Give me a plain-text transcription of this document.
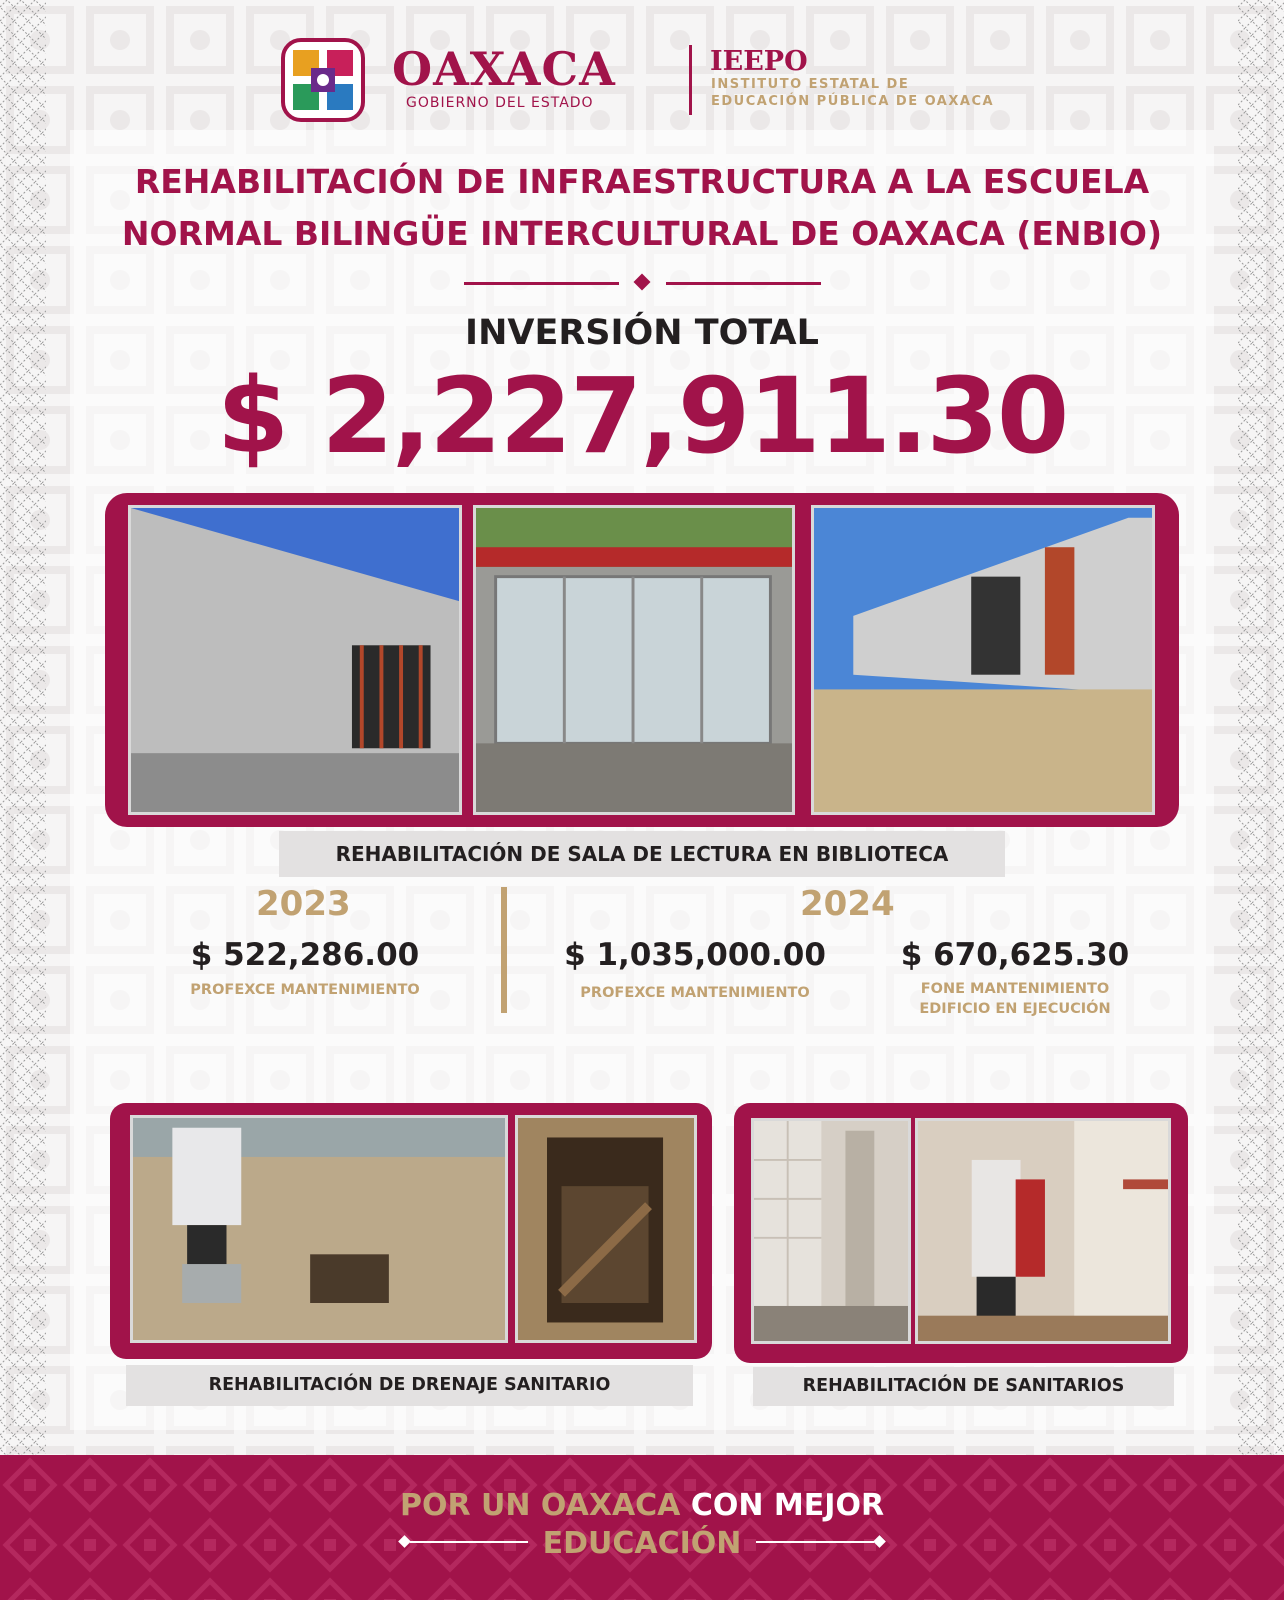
OAXACA
GOBIERNO DEL ESTADO
IEEPO
INSTITUTO ESTATAL DE
EDUCACIÓN PÚBLICA DE OAXACA
REHABILITACIÓN DE INFRAESTRUCTURA A LA ESCUELA
NORMAL BILINGÜE INTERCULTURAL DE OAXACA (ENBIO)
INVERSIÓN TOTAL
$ 2,227,911.30
REHABILITACIÓN DE SALA DE LECTURA EN BIBLIOTECA
2023	2024
$ 522,286.00
PROFEXCE MANTENIMIENTO
$ 1,035,000.00
PROFEXCE MANTENIMIENTO
$ 670,625.30
FONE MANTENIMIENTO
EDIFICIO EN EJECUCIÓN
REHABILITACIÓN DE DRENAJE SANITARIO	REHABILITACIÓN DE SANITARIOS
POR UN OAXACA CON MEJOR
EDUCACIÓN
